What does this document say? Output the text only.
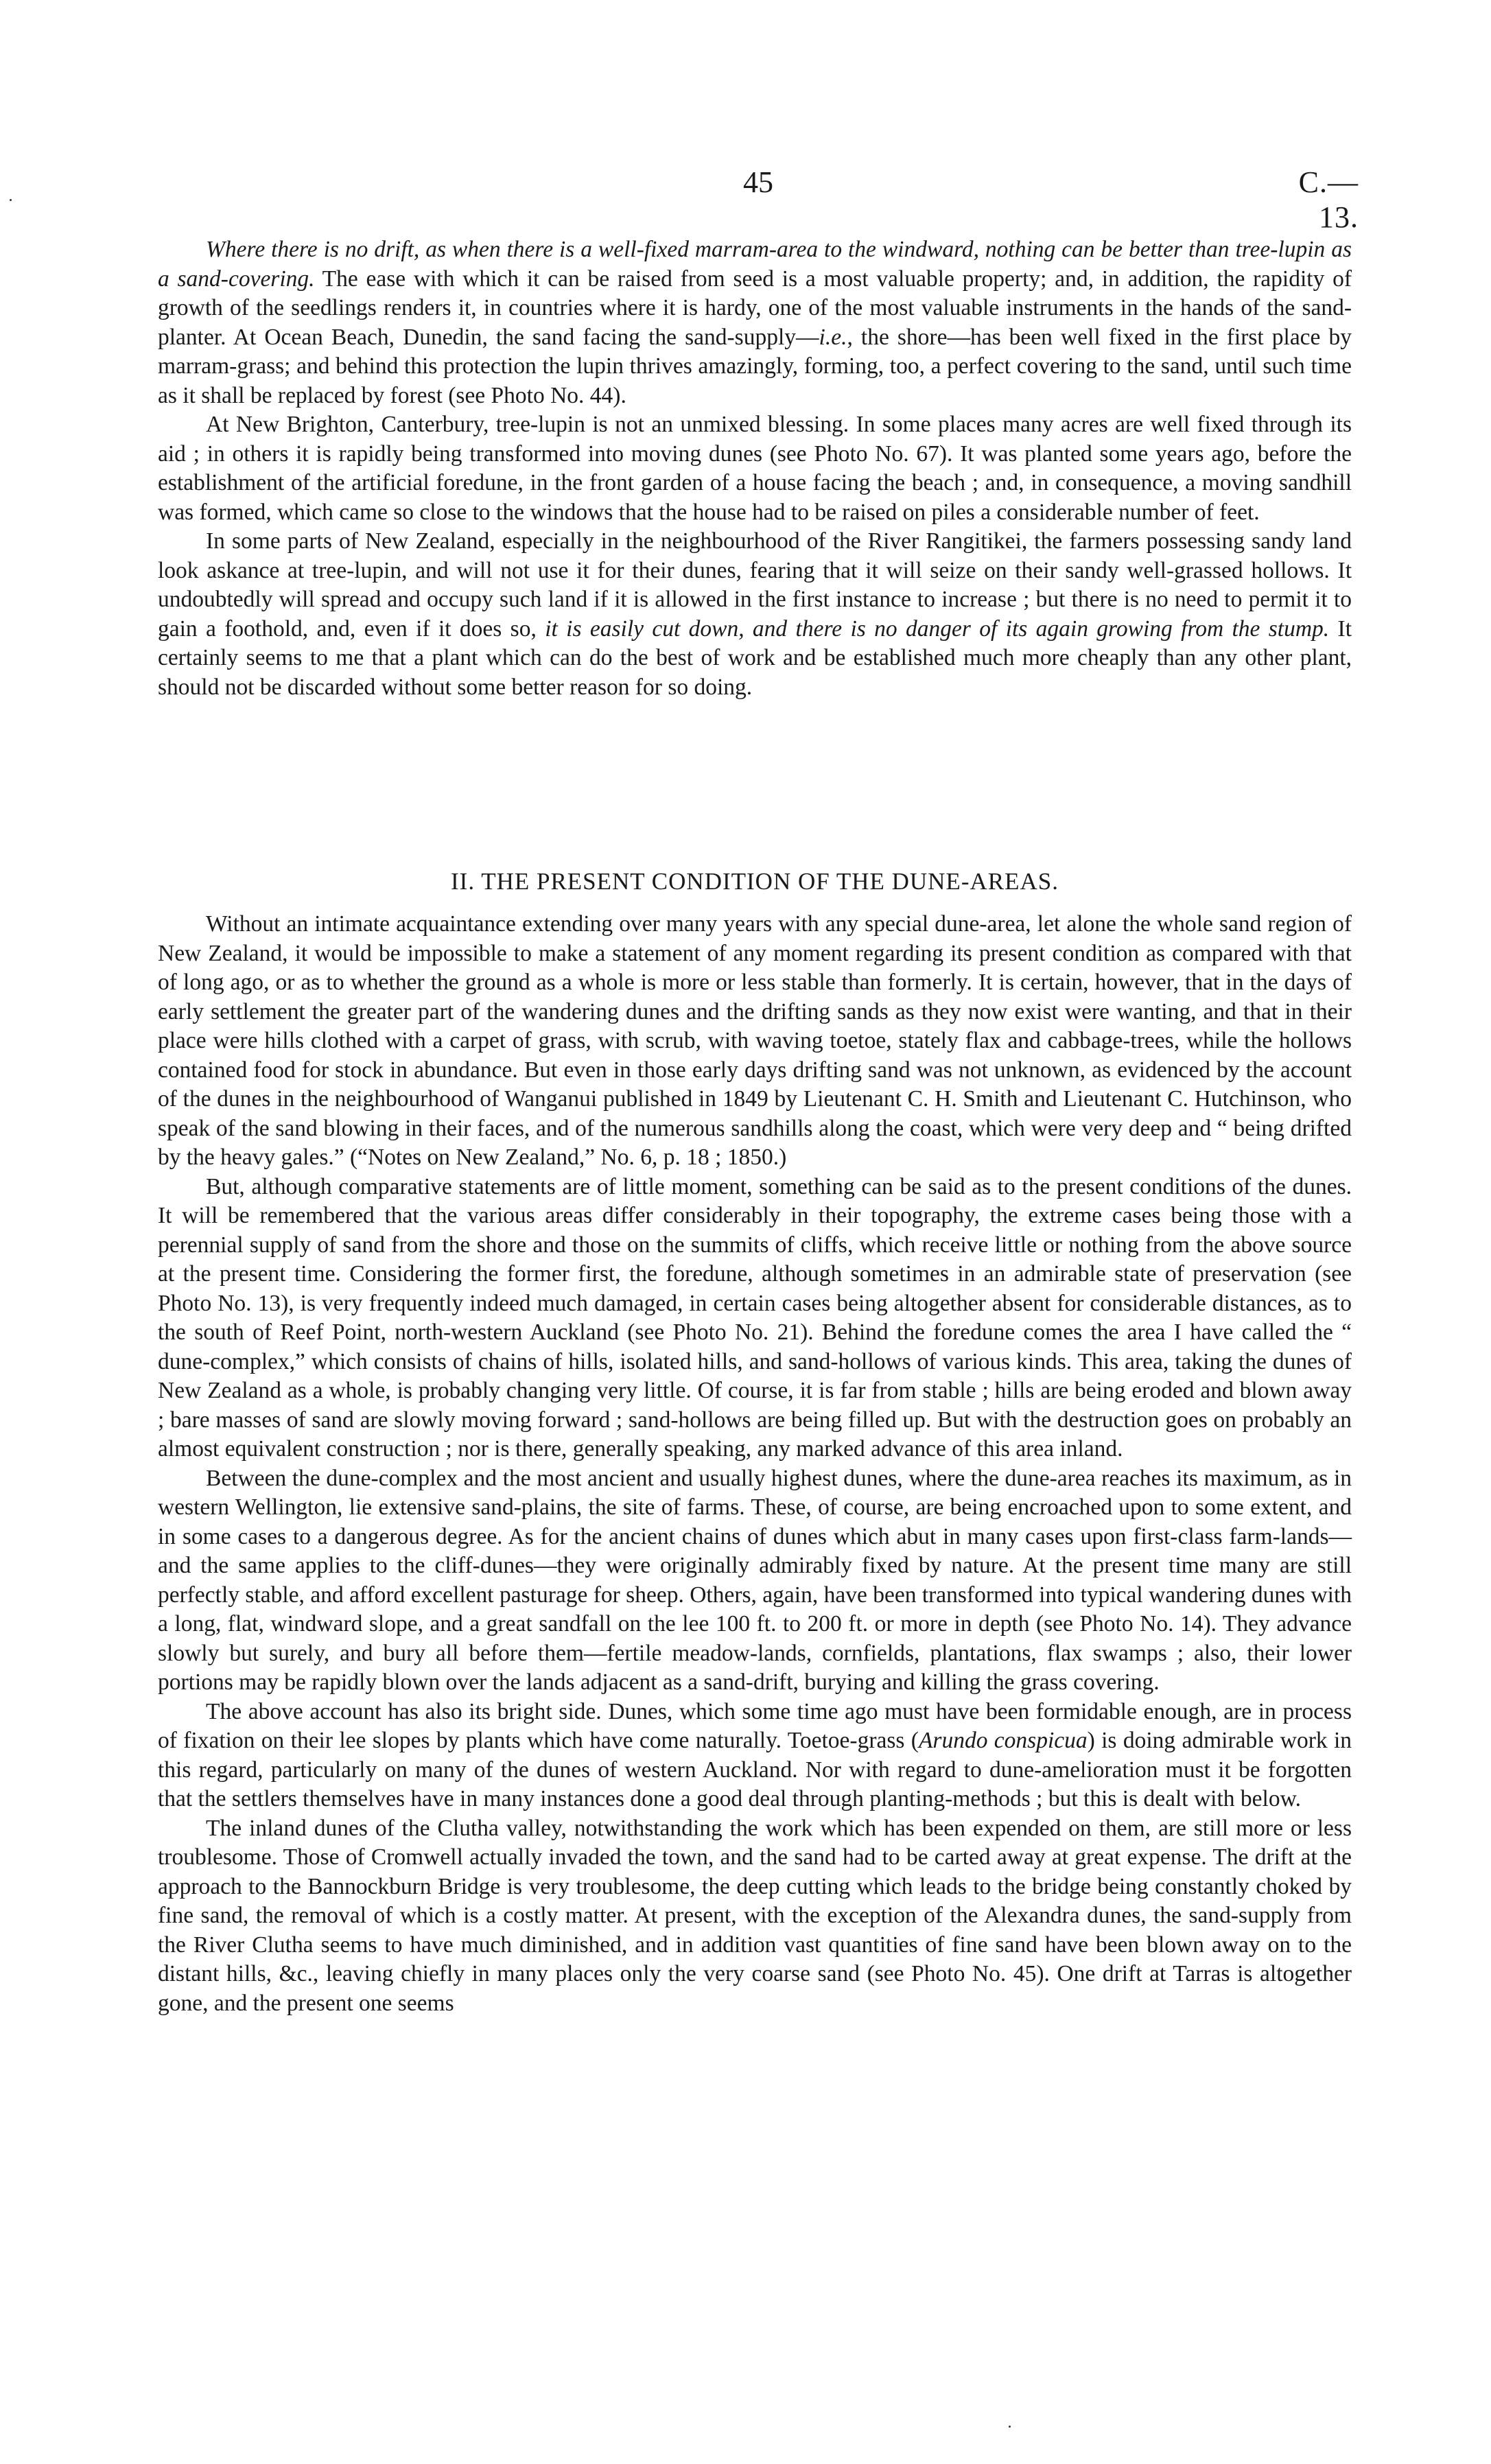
45	C.—13.

Where there is no drift, as when there is a well-fixed marram-area to the windward, nothing can be better than tree-lupin as a sand-covering. The ease with which it can be raised from seed is a most valuable property; and, in addition, the rapidity of growth of the seedlings renders it, in countries where it is hardy, one of the most valuable instruments in the hands of the sand-planter. At Ocean Beach, Dunedin, the sand facing the sand-supply—i.e., the shore—has been well fixed in the first place by marram-grass; and behind this protection the lupin thrives amazingly, forming, too, a perfect covering to the sand, until such time as it shall be replaced by forest (see Photo No. 44).

At New Brighton, Canterbury, tree-lupin is not an unmixed blessing. In some places many acres are well fixed through its aid ; in others it is rapidly being transformed into moving dunes (see Photo No. 67). It was planted some years ago, before the establishment of the artificial foredune, in the front garden of a house facing the beach ; and, in consequence, a moving sandhill was formed, which came so close to the windows that the house had to be raised on piles a considerable number of feet.

In some parts of New Zealand, especially in the neighbourhood of the River Rangitikei, the farmers possessing sandy land look askance at tree-lupin, and will not use it for their dunes, fearing that it will seize on their sandy well-grassed hollows. It undoubtedly will spread and occupy such land if it is allowed in the first instance to increase ; but there is no need to permit it to gain a foothold, and, even if it does so, it is easily cut down, and there is no danger of its again growing from the stump. It certainly seems to me that a plant which can do the best of work and be established much more cheaply than any other plant, should not be discarded without some better reason for so doing.

II. THE PRESENT CONDITION OF THE DUNE-AREAS.

Without an intimate acquaintance extending over many years with any special dune-area, let alone the whole sand region of New Zealand, it would be impossible to make a statement of any moment regarding its present condition as compared with that of long ago, or as to whether the ground as a whole is more or less stable than formerly. It is certain, however, that in the days of early settlement the greater part of the wandering dunes and the drifting sands as they now exist were wanting, and that in their place were hills clothed with a carpet of grass, with scrub, with waving toetoe, stately flax and cabbage-trees, while the hollows contained food for stock in abundance. But even in those early days drifting sand was not unknown, as evidenced by the account of the dunes in the neighbourhood of Wanganui published in 1849 by Lieutenant C. H. Smith and Lieutenant C. Hutchinson, who speak of the sand blowing in their faces, and of the numerous sandhills along the coast, which were very deep and “ being drifted by the heavy gales.” (“Notes on New Zealand,” No. 6, p. 18 ; 1850.)

But, although comparative statements are of little moment, something can be said as to the present conditions of the dunes. It will be remembered that the various areas differ considerably in their topography, the extreme cases being those with a perennial supply of sand from the shore and those on the summits of cliffs, which receive little or nothing from the above source at the present time. Considering the former first, the foredune, although sometimes in an admirable state of preservation (see Photo No. 13), is very frequently indeed much damaged, in certain cases being altogether absent for considerable distances, as to the south of Reef Point, north-western Auckland (see Photo No. 21). Behind the foredune comes the area I have called the “ dune-complex,” which consists of chains of hills, isolated hills, and sand-hollows of various kinds. This area, taking the dunes of New Zealand as a whole, is probably changing very little. Of course, it is far from stable ; hills are being eroded and blown away ; bare masses of sand are slowly moving forward ; sand-hollows are being filled up. But with the destruction goes on probably an almost equivalent construction ; nor is there, generally speaking, any marked advance of this area inland.

Between the dune-complex and the most ancient and usually highest dunes, where the dune-area reaches its maximum, as in western Wellington, lie extensive sand-plains, the site of farms. These, of course, are being encroached upon to some extent, and in some cases to a dangerous degree. As for the ancient chains of dunes which abut in many cases upon first-class farm-lands—and the same applies to the cliff-dunes—they were originally admirably fixed by nature. At the present time many are still perfectly stable, and afford excellent pasturage for sheep. Others, again, have been transformed into typical wandering dunes with a long, flat, windward slope, and a great sandfall on the lee 100 ft. to 200 ft. or more in depth (see Photo No. 14). They advance slowly but surely, and bury all before them—fertile meadow-lands, cornfields, plantations, flax swamps ; also, their lower portions may be rapidly blown over the lands adjacent as a sand-drift, burying and killing the grass covering.

The above account has also its bright side. Dunes, which some time ago must have been formidable enough, are in process of fixation on their lee slopes by plants which have come naturally. Toetoe-grass (Arundo conspicua) is doing admirable work in this regard, particularly on many of the dunes of western Auckland. Nor with regard to dune-amelioration must it be forgotten that the settlers themselves have in many instances done a good deal through planting-methods ; but this is dealt with below.

The inland dunes of the Clutha valley, notwithstanding the work which has been expended on them, are still more or less troublesome. Those of Cromwell actually invaded the town, and the sand had to be carted away at great expense. The drift at the approach to the Bannockburn Bridge is very troublesome, the deep cutting which leads to the bridge being constantly choked by fine sand, the removal of which is a costly matter. At present, with the exception of the Alexandra dunes, the sand-supply from the River Clutha seems to have much diminished, and in addition vast quantities of fine sand have been blown away on to the distant hills, &c., leaving chiefly in many places only the very coarse sand (see Photo No. 45). One drift at Tarras is altogether gone, and the present one seems
